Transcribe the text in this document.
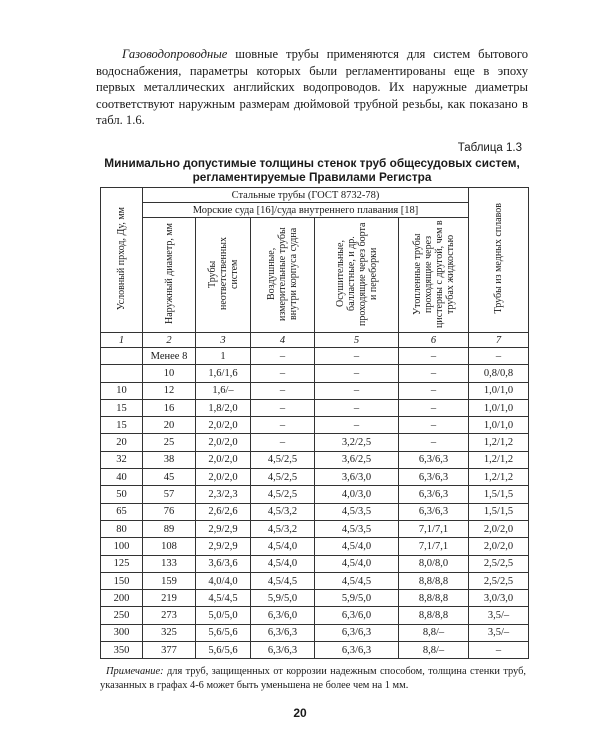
Газоводопроводные шовные трубы применяются для систем бытового водоснабжения, параметры которых были регламентированы еще в эпоху первых металлических английских водопроводов. Их наружные диаметры соответствуют наружным размерам дюймовой трубной резьбы, как показано в табл. 1.6.

Таблица 1.3

Минимально допустимые толщины стенок труб общесудовых систем, регламентируемые Правилами Регистра

Условный прход, Ду, мм	Стальные трубы (ГОСТ 8732-78)					Трубы из медных сплавов
	Морские суда [16]/суда внутреннего плавания [18]					
	Наружный диаметр, мм	Трубы неответственных систем	Воздушные, измерительные трубы внутри корпуса судна	Осушительные, балластные, и др. проходящие через борта и переборки	Утопленные трубы проходящие через цистерны с другой, чем в трубах жидкостью	
1	2	3	4	5	6	7
	Менее 8	1	–	–	–	–
	10	1,6/1,6	–	–	–	0,8/0,8
10	12	1,6/–	–	–	–	1,0/1,0
15	16	1,8/2,0	–	–	–	1,0/1,0
15	20	2,0/2,0	–	–	–	1,0/1,0
20	25	2,0/2,0	–	3,2/2,5	–	1,2/1,2
32	38	2,0/2,0	4,5/2,5	3,6/2,5	6,3/6,3	1,2/1,2
40	45	2,0/2,0	4,5/2,5	3,6/3,0	6,3/6,3	1,2/1,2
50	57	2,3/2,3	4,5/2,5	4,0/3,0	6,3/6,3	1,5/1,5
65	76	2,6/2,6	4,5/3,2	4,5/3,5	6,3/6,3	1,5/1,5
80	89	2,9/2,9	4,5/3,2	4,5/3,5	7,1/7,1	2,0/2,0
100	108	2,9/2,9	4,5/4,0	4,5/4,0	7,1/7,1	2,0/2,0
125	133	3,6/3,6	4,5/4,0	4,5/4,0	8,0/8,0	2,5/2,5
150	159	4,0/4,0	4,5/4,5	4,5/4,5	8,8/8,8	2,5/2,5
200	219	4,5/4,5	5,9/5,0	5,9/5,0	8,8/8,8	3,0/3,0
250	273	5,0/5,0	6,3/6,0	6,3/6,0	8,8/8,8	3,5/–
300	325	5,6/5,6	6,3/6,3	6,3/6,3	8,8/–	3,5/–
350	377	5,6/5,6	6,3/6,3	6,3/6,3	8,8/–	–

Примечание: для труб, защищенных от коррозии надежным способом, толщина стенки труб, указанных в графах 4-6 может быть уменьшена не более чем на 1 мм.

20
